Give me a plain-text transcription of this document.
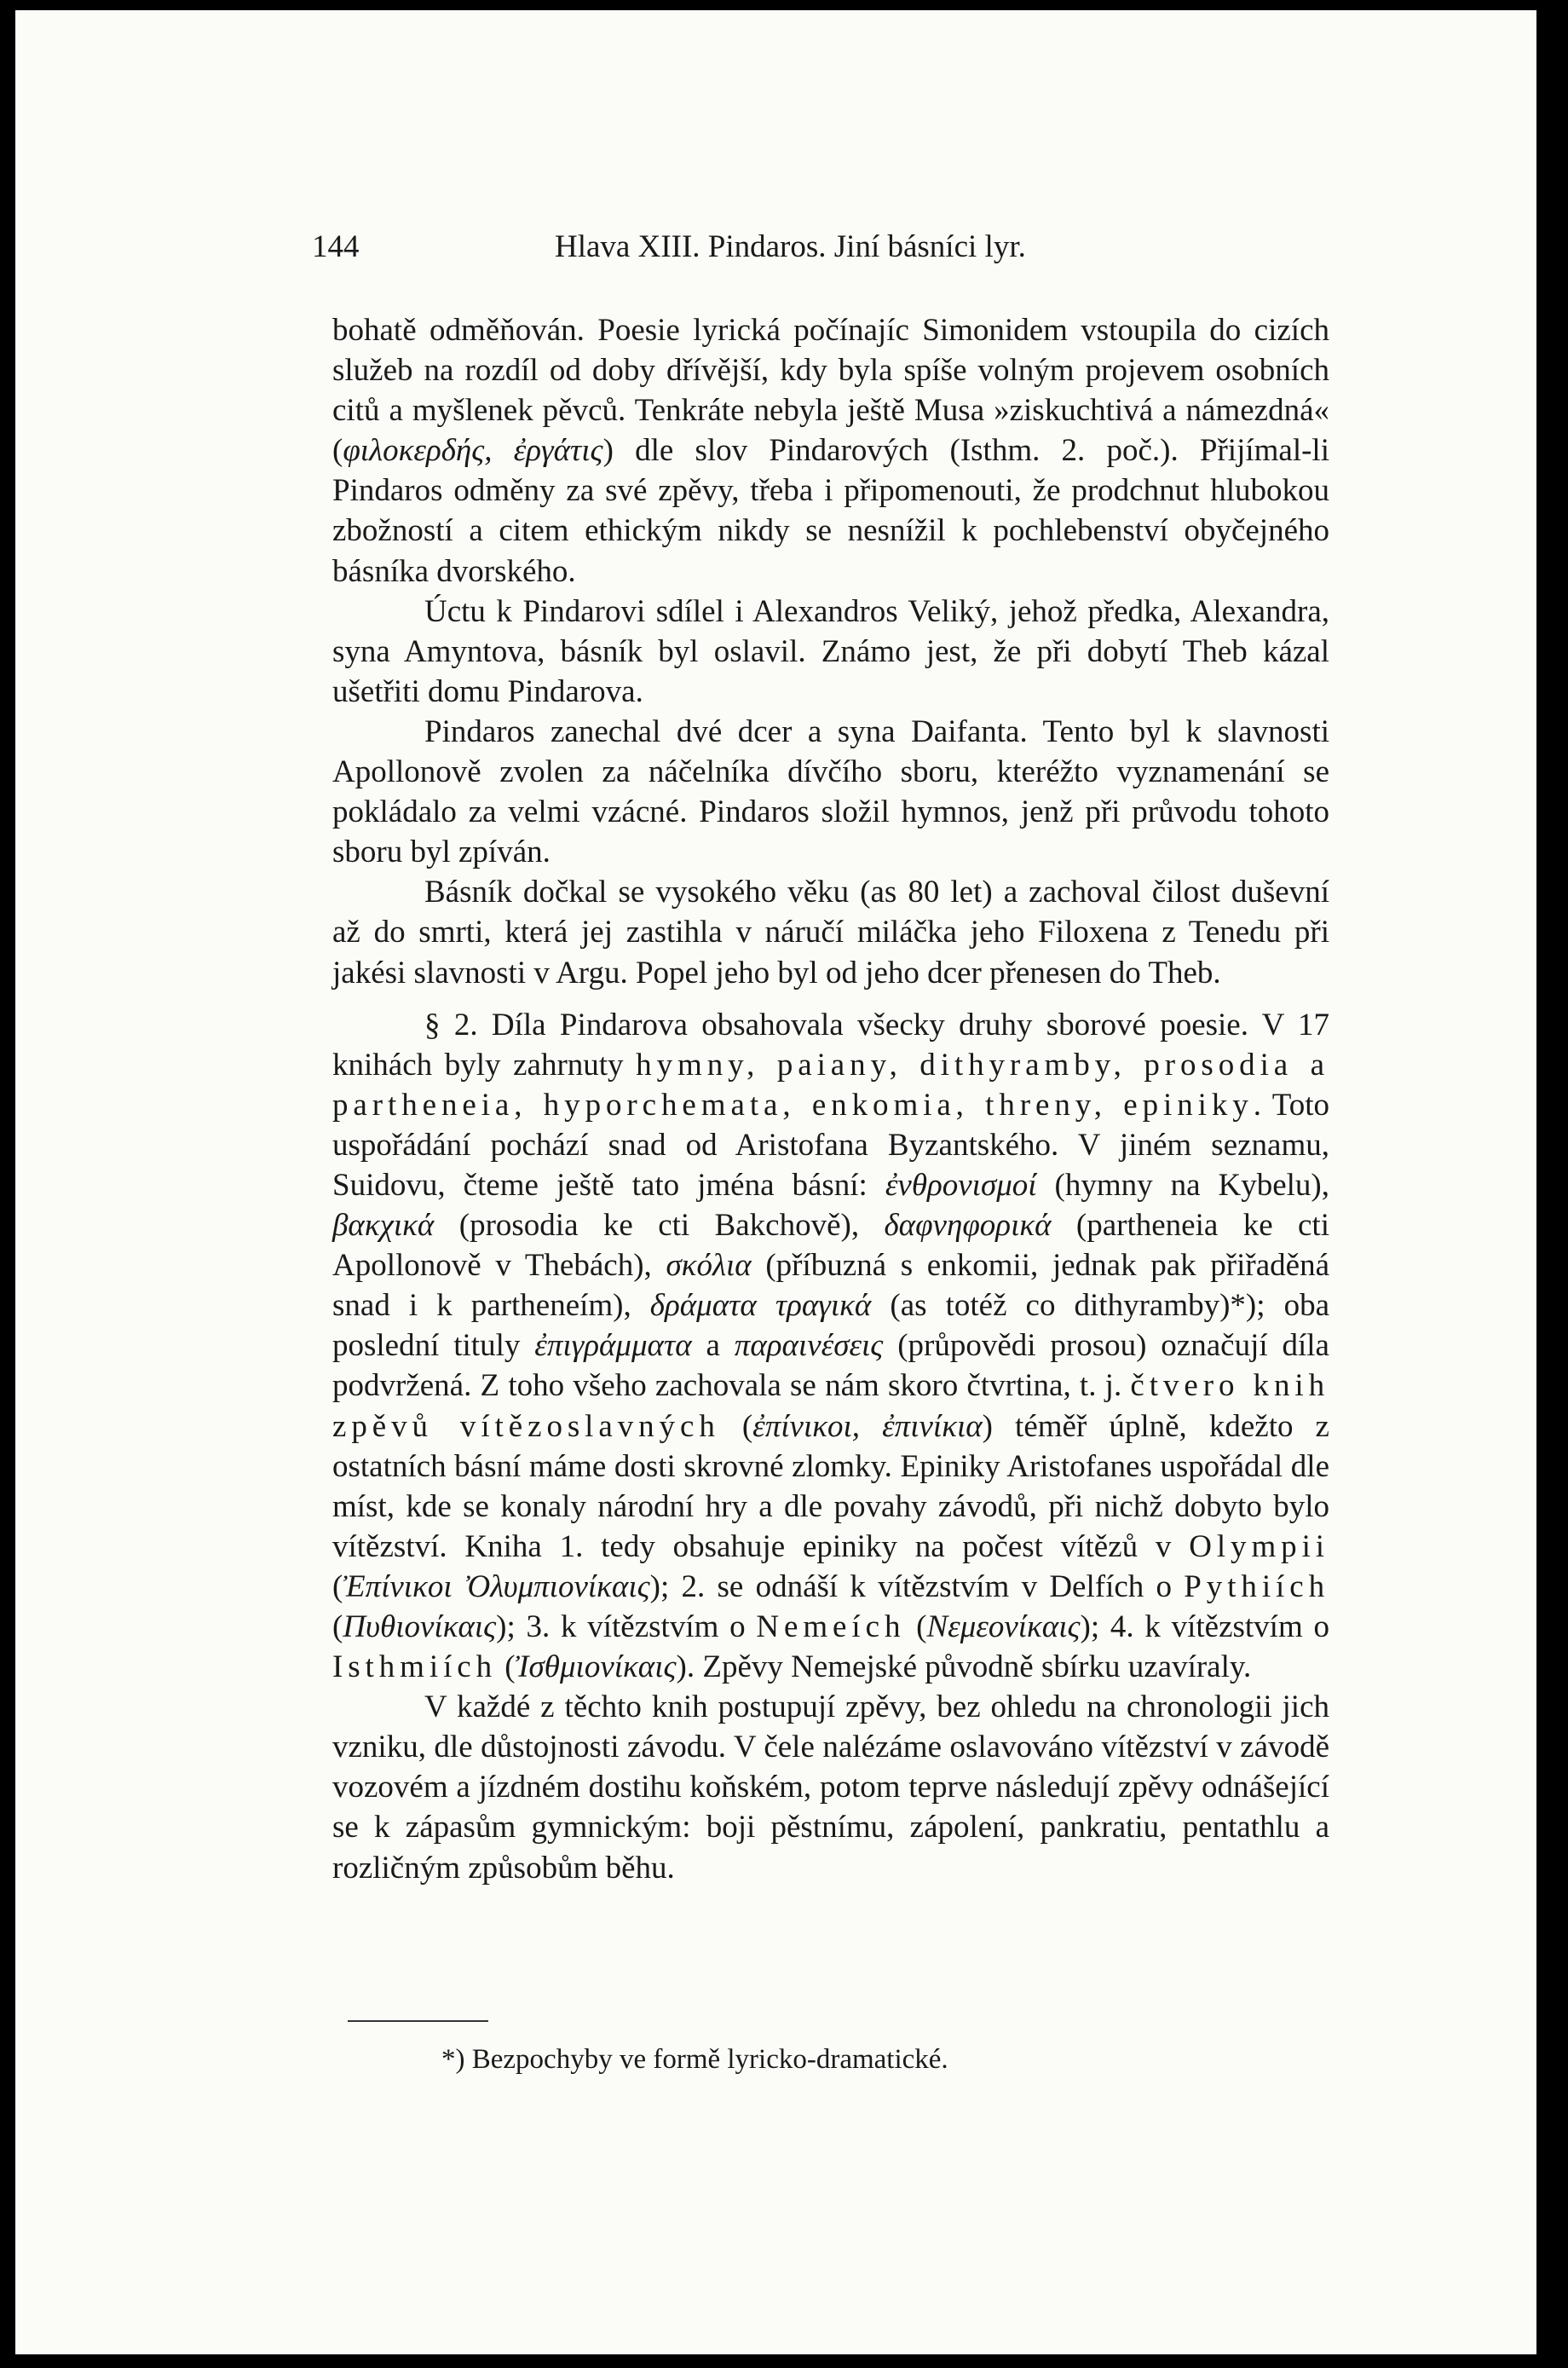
144	Hlava XIII. Pindaros. Jiní básníci lyr.

bohatě odměňován. Poesie lyrická počínajíc Simonidem vstoupila do cizích služeb na rozdíl od doby dřívější, kdy byla spíše volným projevem osobních citů a myšlenek pěvců. Tenkráte nebyla ještě Musa »ziskuchtivá a námezdná« (φιλοκερδής, ἐργάτις) dle slov Pindarových (Isthm. 2. poč.). Přijímal-li Pindaros odměny za své zpěvy, třeba i připomenouti, že prodchnut hlubokou zbožností a citem ethickým nikdy se nesnížil k pochlebenství obyčejného básníka dvorského.

Úctu k Pindarovi sdílel i Alexandros Veliký, jehož předka, Alexandra, syna Amyntova, básník byl oslavil. Známo jest, že při dobytí Theb kázal ušetřiti domu Pindarova.

Pindaros zanechal dvé dcer a syna Daifanta. Tento byl k slavnosti Apollonově zvolen za náčelníka dívčího sboru, kteréžto vyznamenání se pokládalo za velmi vzácné. Pindaros složil hymnos, jenž při průvodu tohoto sboru byl zpíván.

Básník dočkal se vysokého věku (as 80 let) a zachoval čilost duševní až do smrti, která jej zastihla v náručí miláčka jeho Filoxena z Tenedu při jakési slavnosti v Argu. Popel jeho byl od jeho dcer přenesen do Theb.

§ 2. Díla Pindarova obsahovala všecky druhy sborové poesie. V 17 knihách byly zahrnuty hymny, paiany, dithyramby, prosodia a partheneia, hyporchemata, enkomia, threny, epiniky. Toto uspořádání pochází snad od Aristofana Byzantského. V jiném seznamu, Suidovu, čteme ještě tato jména básní: ἐνθρονισμοί (hymny na Kybelu), βακχικά (prosodia ke cti Bakchově), δαφνηφορικά (partheneia ke cti Apollonově v Thebách), σκόλια (příbuzná s enkomii, jednak pak přiřaděná snad i k partheneím), δράματα τραγικά (as totéž co dithyramby)*); oba poslední tituly ἐπιγράμματα a παραινέσεις (průpovědi prosou) označují díla podvržená. Z toho všeho zachovala se nám skoro čtvrtina, t. j. čtvero knih zpěvů vítězoslavných (ἐπίνικοι, ἐπινίκια) téměř úplně, kdežto z ostatních básní máme dosti skrovné zlomky. Epiniky Aristofanes uspořádal dle míst, kde se konaly národní hry a dle povahy závodů, při nichž dobyto bylo vítězství. Kniha 1. tedy obsahuje epiniky na počest vítězů v Olympii (Ἐπίνικοι Ὀλυμπιονίκαις); 2. se odnáší k vítězstvím v Delfích o Pythiích (Πυθιονίκαις); 3. k vítězstvím o Nemeích (Νεμεονίκαις); 4. k vítězstvím o Isthmiích (Ἰσθμιονίκαις). Zpěvy Nemejské původně sbírku uzavíraly.

V každé z těchto knih postupují zpěvy, bez ohledu na chronologii jich vzniku, dle důstojnosti závodu. V čele nalézáme oslavováno vítězství v závodě vozovém a jízdném dostihu koňském, potom teprve následují zpěvy odnášející se k zápasům gymnickým: boji pěstnímu, zápolení, pankratiu, pentathlu a rozličným způsobům běhu.

*) Bezpochyby ve formě lyricko-dramatické.
